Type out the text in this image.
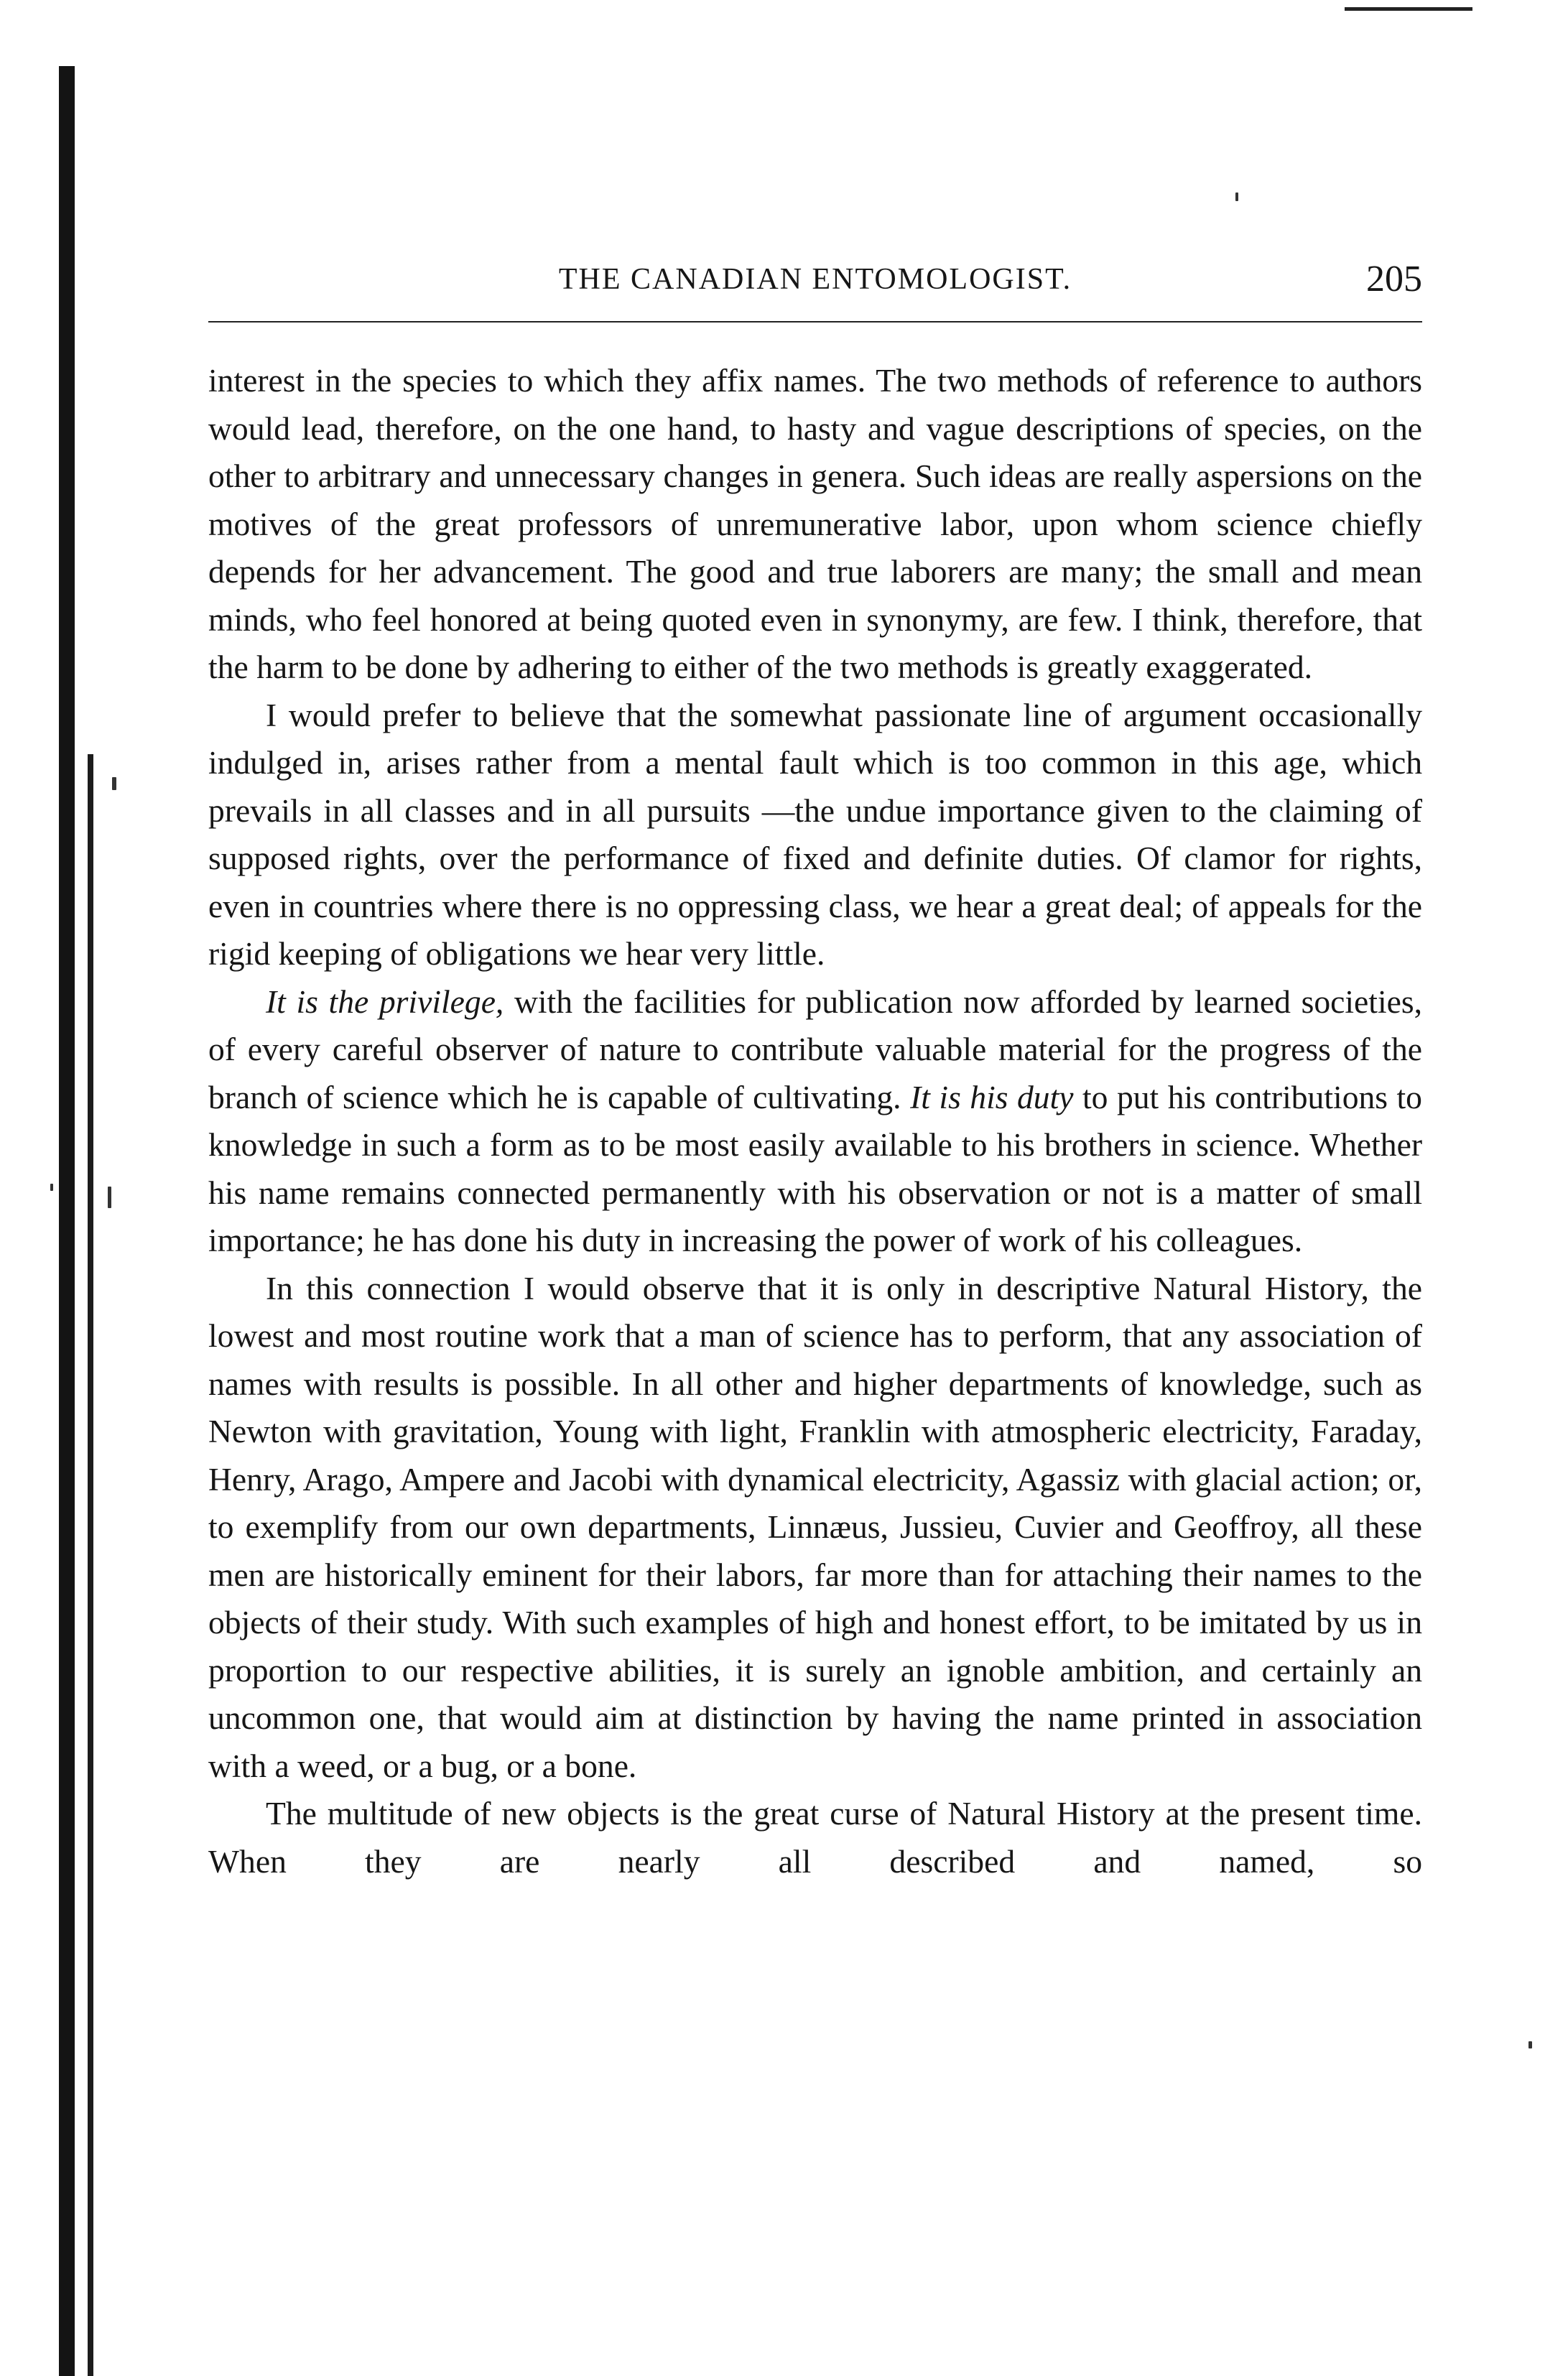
THE CANADIAN ENTOMOLOGIST.	205

interest in the species to which they affix names. The two methods of reference to authors would lead, therefore, on the one hand, to hasty and vague descriptions of species, on the other to arbitrary and unnecessary changes in genera. Such ideas are really aspersions on the motives of the great professors of unremunerative labor, upon whom science chiefly depends for her advancement. The good and true laborers are many; the small and mean minds, who feel honored at being quoted even in synonymy, are few. I think, therefore, that the harm to be done by adhering to either of the two methods is greatly exaggerated.

I would prefer to believe that the somewhat passionate line of argument occasionally indulged in, arises rather from a mental fault which is too common in this age, which prevails in all classes and in all pursuits —the undue importance given to the claiming of supposed rights, over the performance of fixed and definite duties. Of clamor for rights, even in countries where there is no oppressing class, we hear a great deal; of appeals for the rigid keeping of obligations we hear very little.

It is the privilege, with the facilities for publication now afforded by learned societies, of every careful observer of nature to contribute valuable material for the progress of the branch of science which he is capable of cultivating. It is his duty to put his contributions to knowledge in such a form as to be most easily available to his brothers in science. Whether his name remains connected permanently with his observation or not is a matter of small importance; he has done his duty in increasing the power of work of his colleagues.

In this connection I would observe that it is only in descriptive Natural History, the lowest and most routine work that a man of science has to perform, that any association of names with results is possible. In all other and higher departments of knowledge, such as Newton with gravitation, Young with light, Franklin with atmospheric electricity, Faraday, Henry, Arago, Ampere and Jacobi with dynamical electricity, Agassiz with glacial action; or, to exemplify from our own departments, Linnæus, Jussieu, Cuvier and Geoffroy, all these men are historically eminent for their labors, far more than for attaching their names to the objects of their study. With such examples of high and honest effort, to be imitated by us in proportion to our respective abilities, it is surely an ignoble ambition, and certainly an uncommon one, that would aim at distinction by having the name printed in association with a weed, or a bug, or a bone.

The multitude of new objects is the great curse of Natural History at the present time. When they are nearly all described and named, so
